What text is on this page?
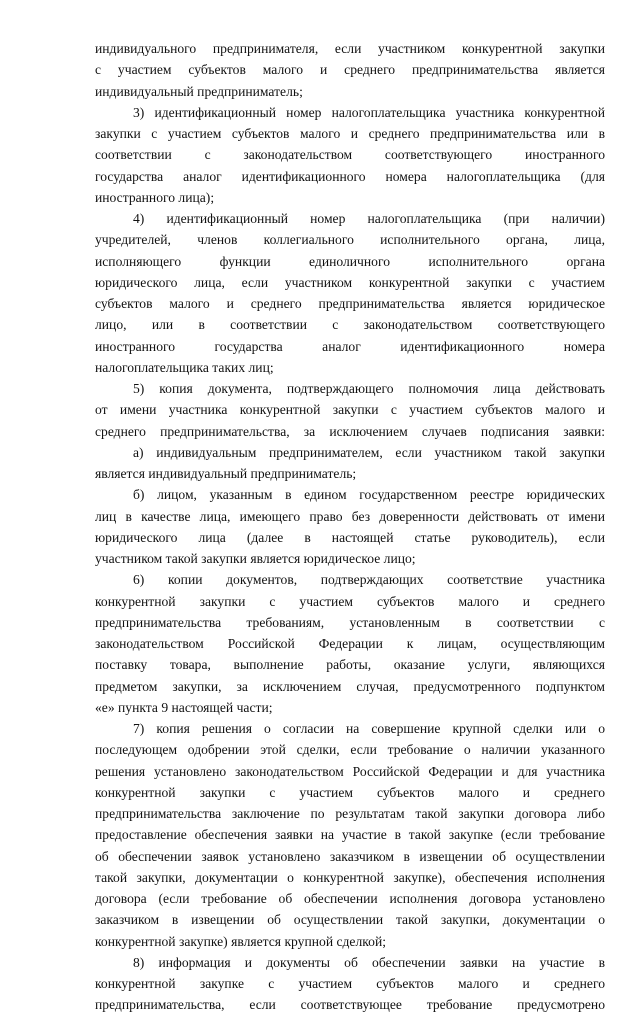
индивидуального предпринимателя, если участником конкурентной закупки
с участием субъектов малого и среднего предпринимательства является
индивидуальный предприниматель;
3) идентификационный номер налогоплательщика участника конкурентной
закупки с участием субъектов малого и среднего предпринимательства или в
соответствии с законодательством соответствующего иностранного
государства аналог идентификационного номера налогоплательщика (для
иностранного лица);
4) идентификационный номер налогоплательщика (при наличии)
учредителей, членов коллегиального исполнительного органа, лица,
исполняющего функции единоличного исполнительного органа
юридического лица, если участником конкурентной закупки с участием
субъектов малого и среднего предпринимательства является юридическое
лицо, или в соответствии с законодательством соответствующего
иностранного государства аналог идентификационного номера
налогоплательщика таких лиц;
5) копия документа, подтверждающего полномочия лица действовать
от имени участника конкурентной закупки с участием субъектов малого и
среднего предпринимательства, за исключением случаев подписания заявки:
а) индивидуальным предпринимателем, если участником такой закупки
является индивидуальный предприниматель;
б) лицом, указанным в едином государственном реестре юридических
лиц в качестве лица, имеющего право без доверенности действовать от имени
юридического лица (далее в настоящей статье руководитель), если
участником такой закупки является юридическое лицо;
6) копии документов, подтверждающих соответствие участника
конкурентной закупки с участием субъектов малого и среднего
предпринимательства требованиям, установленным в соответствии с
законодательством Российской Федерации к лицам, осуществляющим
поставку товара, выполнение работы, оказание услуги, являющихся
предметом закупки, за исключением случая, предусмотренного подпунктом
«е» пункта 9 настоящей части;
7) копия решения о согласии на совершение крупной сделки или о
последующем одобрении этой сделки, если требование о наличии указанного
решения установлено законодательством Российской Федерации и для участника
конкурентной закупки с участием субъектов малого и среднего
предпринимательства заключение по результатам такой закупки договора либо
предоставление обеспечения заявки на участие в такой закупке (если требование
об обеспечении заявок установлено заказчиком в извещении об осуществлении
такой закупки, документации о конкурентной закупке), обеспечения исполнения
договора (если требование об обеспечении исполнения договора установлено
заказчиком в извещении об осуществлении такой закупки, документации о
конкурентной закупке) является крупной сделкой;
8) информация и документы об обеспечении заявки на участие в
конкурентной закупке с участием субъектов малого и среднего
предпринимательства, если соответствующее требование предусмотрено
